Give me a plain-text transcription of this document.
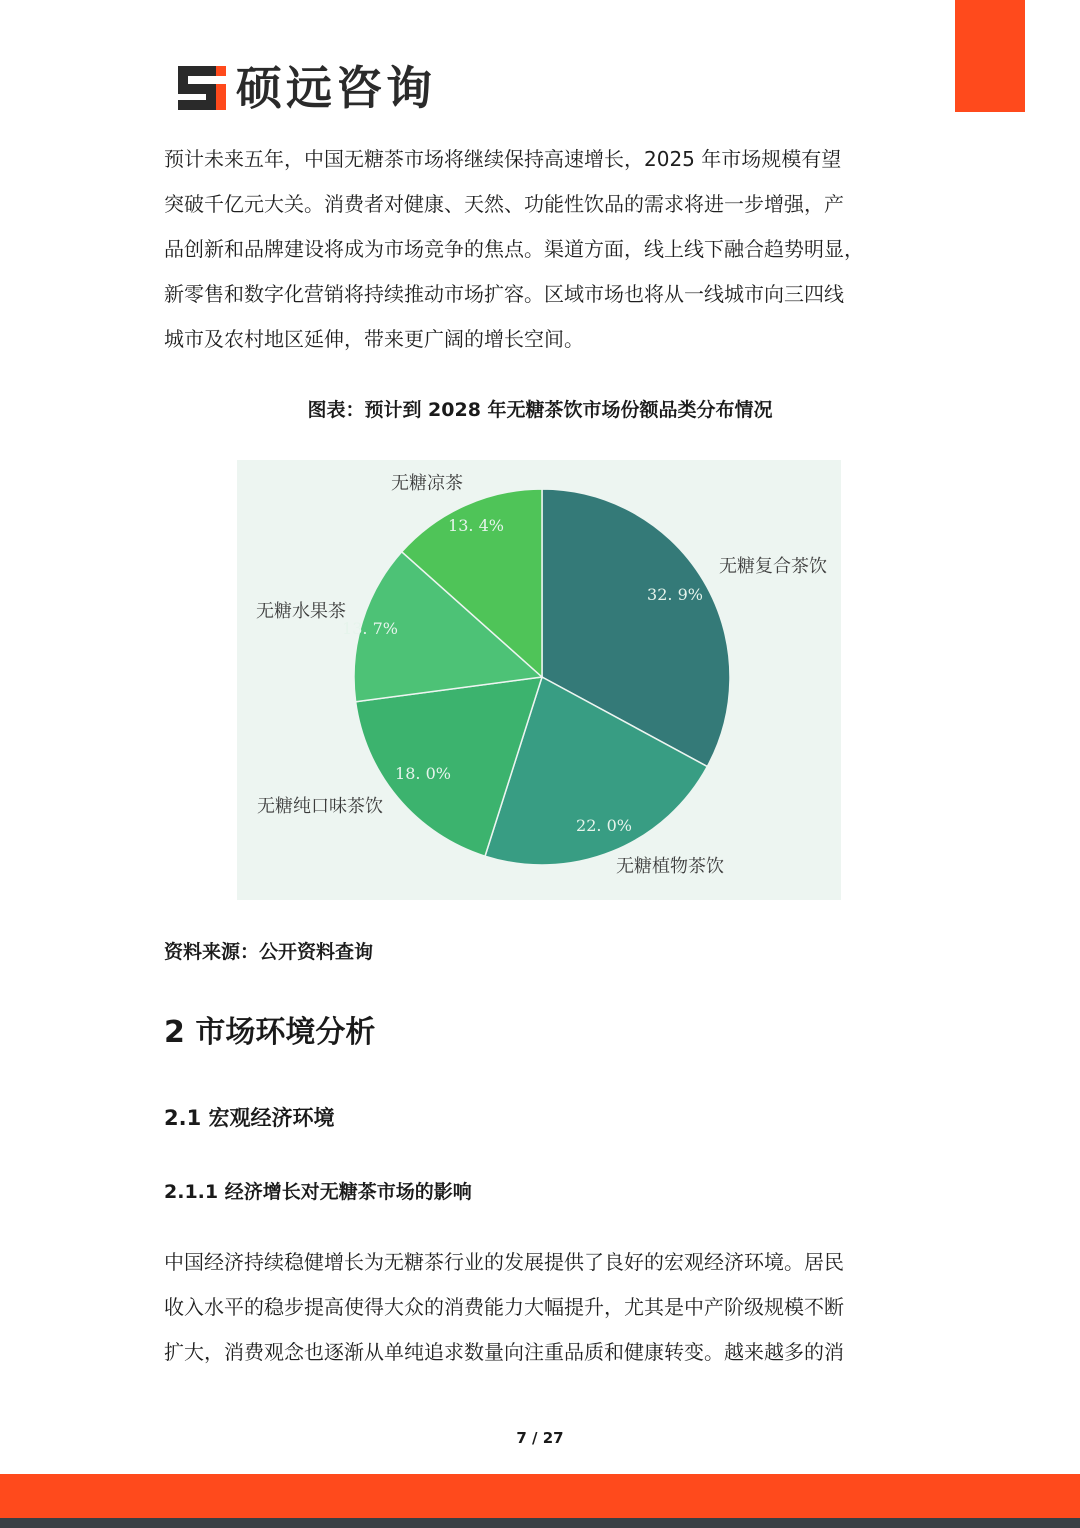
硕远咨询
预计未来五年，中国无糖茶市场将继续保持高速增长，2025 年市场规模有望
突破千亿元大关。消费者对健康、天然、功能性饮品的需求将进一步增强，产
品创新和品牌建设将成为市场竞争的焦点。渠道方面，线上线下融合趋势明显，
新零售和数字化营销将持续推动市场扩容。区域市场也将从一线城市向三四线
城市及农村地区延伸，带来更广阔的增长空间。
图表：预计到 2028 年无糖茶饮市场份额品类分布情况
32. 9%
无糖复合茶饮
22. 0%
无糖植物茶饮
18. 0%
无糖纯口味茶饮
13. 7%
无糖水果茶
13. 4%
无糖凉茶
资料来源：公开资料查询
2 市场环境分析
2.1 宏观经济环境
2.1.1 经济增长对无糖茶市场的影响
中国经济持续稳健增长为无糖茶行业的发展提供了良好的宏观经济环境。居民
收入水平的稳步提高使得大众的消费能力大幅提升，尤其是中产阶级规模不断
扩大，消费观念也逐渐从单纯追求数量向注重品质和健康转变。越来越多的消
7 / 27
